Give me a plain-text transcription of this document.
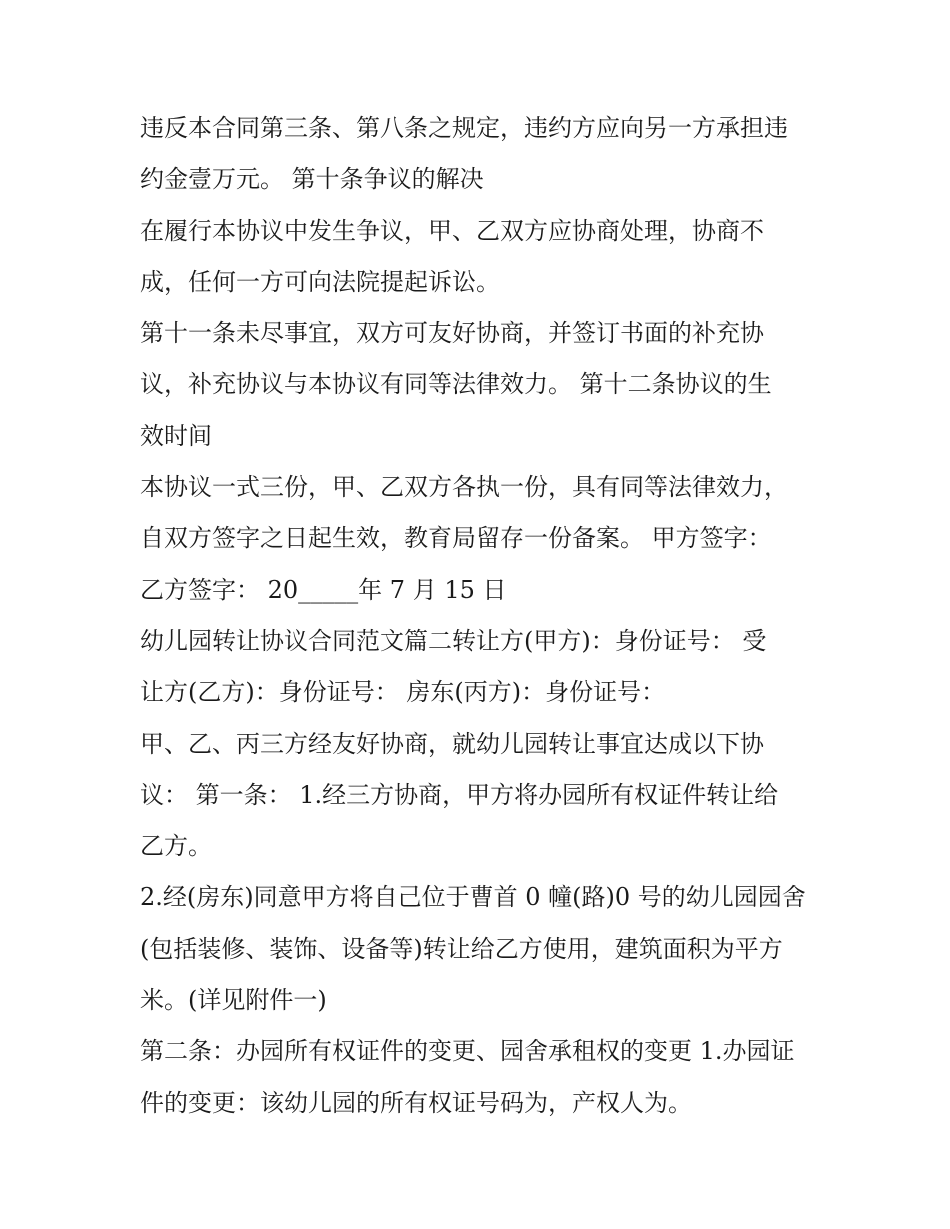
违反本合同第三条、第八条之规定，违约方应向另一方承担违
约金壹万元。 第十条争议的解决
在履行本协议中发生争议，甲、乙双方应协商处理，协商不
成，任何一方可向法院提起诉讼。
第十一条未尽事宜，双方可友好协商，并签订书面的补充协
议，补充协议与本协议有同等法律效力。 第十二条协议的生
效时间
本协议一式三份，甲、乙双方各执一份，具有同等法律效力，
自双方签字之日起生效，教育局留存一份备案。 甲方签字：
乙方签字： 20_____年 7 月 15 日
幼儿园转让协议合同范文篇二转让方(甲方)：身份证号： 受
让方(乙方)：身份证号： 房东(丙方)：身份证号：
甲、乙、丙三方经友好协商，就幼儿园转让事宜达成以下协
议： 第一条： 1.经三方协商，甲方将办园所有权证件转让给
乙方。
2.经(房东)同意甲方将自己位于曹首 0 幢(路)0 号的幼儿园园舍
(包括装修、装饰、设备等)转让给乙方使用，建筑面积为平方
米。(详见附件一)
第二条：办园所有权证件的变更、园舍承租权的变更 1.办园证
件的变更：该幼儿园的所有权证号码为，产权人为。
